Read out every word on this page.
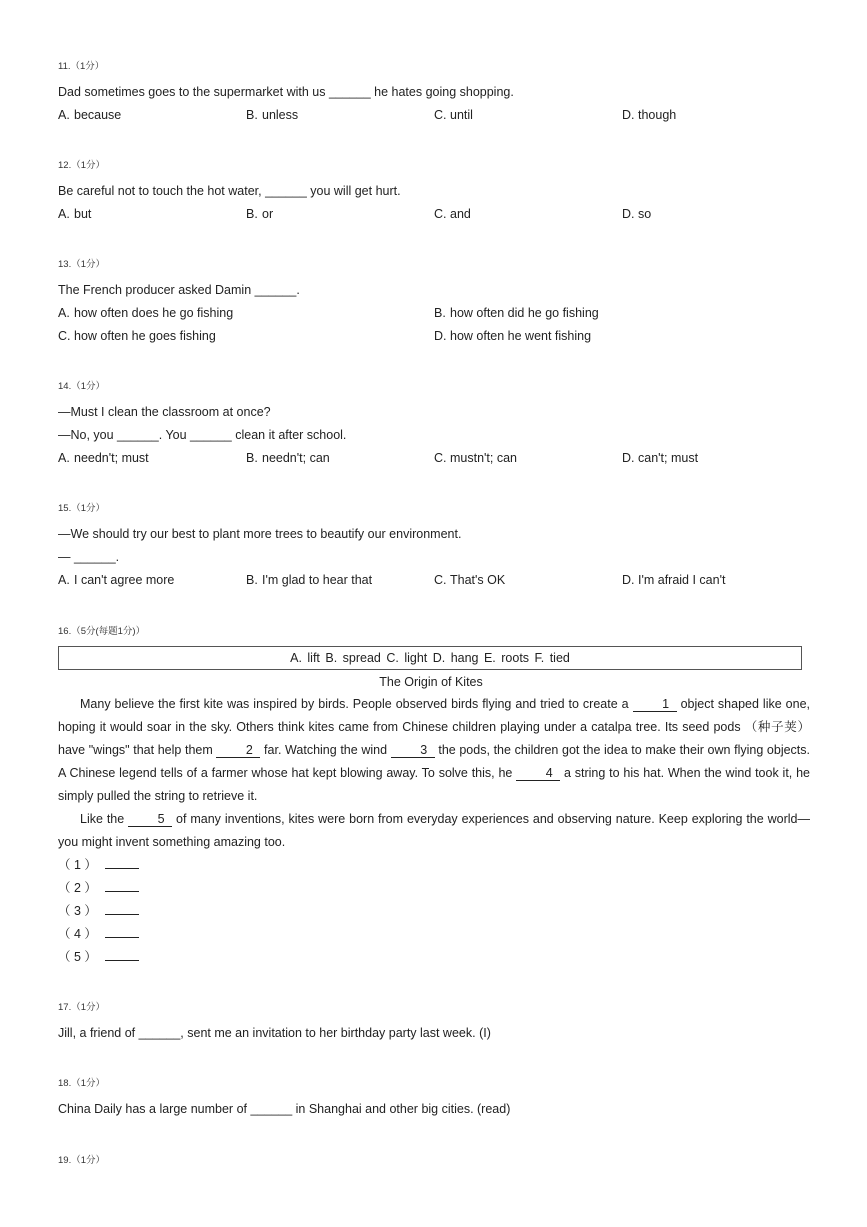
11.（1分）
Dad sometimes goes to the supermarket with us ______ he hates going shopping.
A. because	B. unless	C. until	D. though
12.（1分）
Be careful not to touch the hot water, ______ you will get hurt.
A. but	B. or	C. and	D. so
13.（1分）
The French producer asked Damin ______.
A. how often does he go fishing	B. how often did he go fishing
C. how often he goes fishing	D. how often he went fishing
14.（1分）
—Must I clean the classroom at once?
—No, you ______. You ______ clean it after school.
A. needn't; must	B. needn't; can	C. mustn't; can	D. can't; must
15.（1分）
—We should try our best to plant more trees to beautify our environment.
— ______.
A. I can't agree more	B. I'm glad to hear that	C. That's OK	D. I'm afraid I can't
16.（5分(每题1分)）
A. lift B. spread C. light D. hang E. roots F. tied
The Origin of Kites

Many believe the first kite was inspired by birds. People observed birds flying and tried to create a 1 object shaped like one, hoping it would soar in the sky. Others think kites came from Chinese children playing under a catalpa tree. Its seed pods （种子荚） have "wings" that help them 2 far. Watching the wind 3 the pods, the children got the idea to make their own flying objects. A Chinese legend tells of a farmer whose hat kept blowing away. To solve this, he 4 a string to his hat. When the wind took it, he simply pulled the string to retrieve it.

Like the 5 of many inventions, kites were born from everyday experiences and observing nature. Keep exploring the world—you might invent something amazing too.

（ 1 ）
（ 2 ）
（ 3 ）
（ 4 ）
（ 5 ）
17.（1分）
Jill, a friend of ______, sent me an invitation to her birthday party last week. (I)
18.（1分）
China Daily has a large number of ______ in Shanghai and other big cities. (read)
19.（1分）
